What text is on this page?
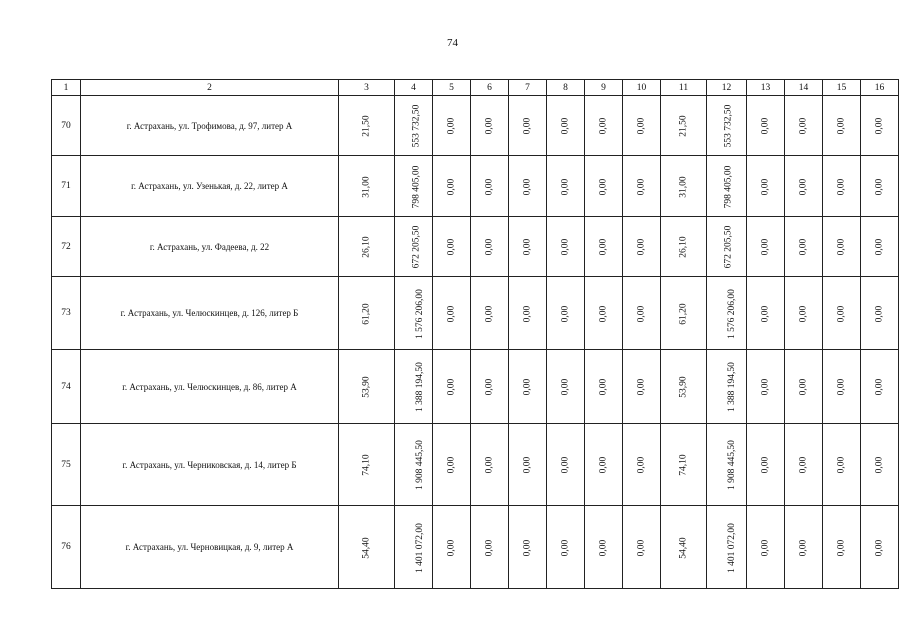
74
1	2	3	4	5	6	7	8	9	10	11	12	13	14	15	16
70	г. Астрахань, ул. Трофимова, д. 97, литер А	21,50	553 732,50	0,00	0,00	0,00	0,00	0,00	0,00	21,50	553 732,50	0,00	0,00	0,00	0,00
71	г. Астрахань, ул. Узенькая, д. 22, литер А	31,00	798 405,00	0,00	0,00	0,00	0,00	0,00	0,00	31,00	798 405,00	0,00	0,00	0,00	0,00
72	г. Астрахань, ул. Фадеева, д. 22	26,10	672 205,50	0,00	0,00	0,00	0,00	0,00	0,00	26,10	672 205,50	0,00	0,00	0,00	0,00
73	г. Астрахань, ул. Челюскинцев, д. 126, литер Б	61,20	1 576 206,00	0,00	0,00	0,00	0,00	0,00	0,00	61,20	1 576 206,00	0,00	0,00	0,00	0,00
74	г. Астрахань, ул. Челюскинцев, д. 86, литер А	53,90	1 388 194,50	0,00	0,00	0,00	0,00	0,00	0,00	53,90	1 388 194,50	0,00	0,00	0,00	0,00
75	г. Астрахань, ул. Черниковская, д. 14, литер Б	74,10	1 908 445,50	0,00	0,00	0,00	0,00	0,00	0,00	74,10	1 908 445,50	0,00	0,00	0,00	0,00
76	г. Астрахань, ул. Черновицкая, д. 9, литер А	54,40	1 401 072,00	0,00	0,00	0,00	0,00	0,00	0,00	54,40	1 401 072,00	0,00	0,00	0,00	0,00
